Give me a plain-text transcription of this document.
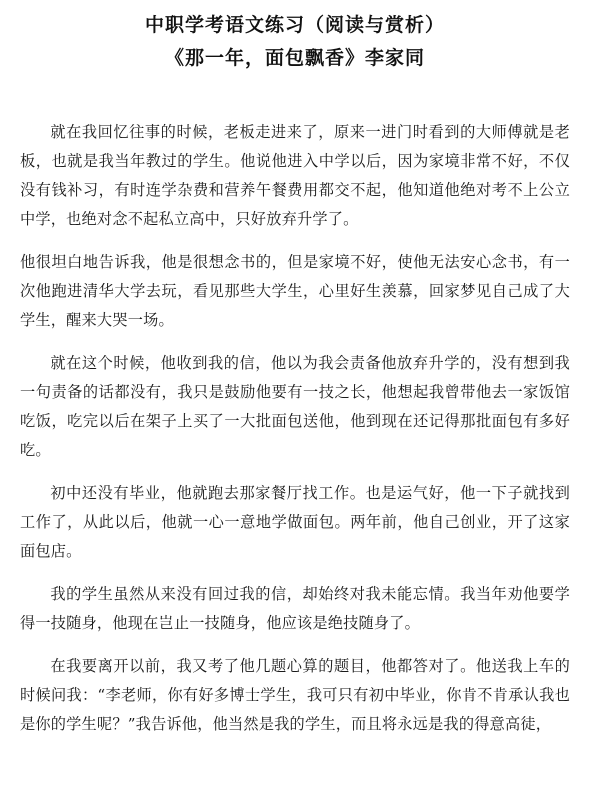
中职学考语文练习（阅读与赏析）
《那一年，面包飘香》李家同

就在我回忆往事的时候，老板走进来了，原来一进门时看到的大师傅就是老板，也就是我当年教过的学生。他说他进入中学以后，因为家境非常不好，不仅没有钱补习，有时连学杂费和营养午餐费用都交不起，他知道他绝对考不上公立中学，也绝对念不起私立高中，只好放弃升学了。

他很坦白地告诉我，他是很想念书的，但是家境不好，使他无法安心念书，有一次他跑进清华大学去玩，看见那些大学生，心里好生羡慕，回家梦见自己成了大学生，醒来大哭一场。

就在这个时候，他收到我的信，他以为我会责备他放弃升学的，没有想到我一句责备的话都没有，我只是鼓励他要有一技之长，他想起我曾带他去一家饭馆吃饭，吃完以后在架子上买了一大批面包送他，他到现在还记得那批面包有多好吃。

初中还没有毕业，他就跑去那家餐厅找工作。也是运气好，他一下子就找到工作了，从此以后，他就一心一意地学做面包。两年前，他自己创业，开了这家面包店。

我的学生虽然从来没有回过我的信，却始终对我未能忘情。我当年劝他要学得一技随身，他现在岂止一技随身，他应该是绝技随身了。

在我要离开以前，我又考了他几题心算的题目，他都答对了。他送我上车的时候问我：“李老师，你有好多博士学生，我可只有初中毕业，你肯不肯承认我也是你的学生呢？”我告诉他，他当然是我的学生，而且将永远是我的得意高徒，
